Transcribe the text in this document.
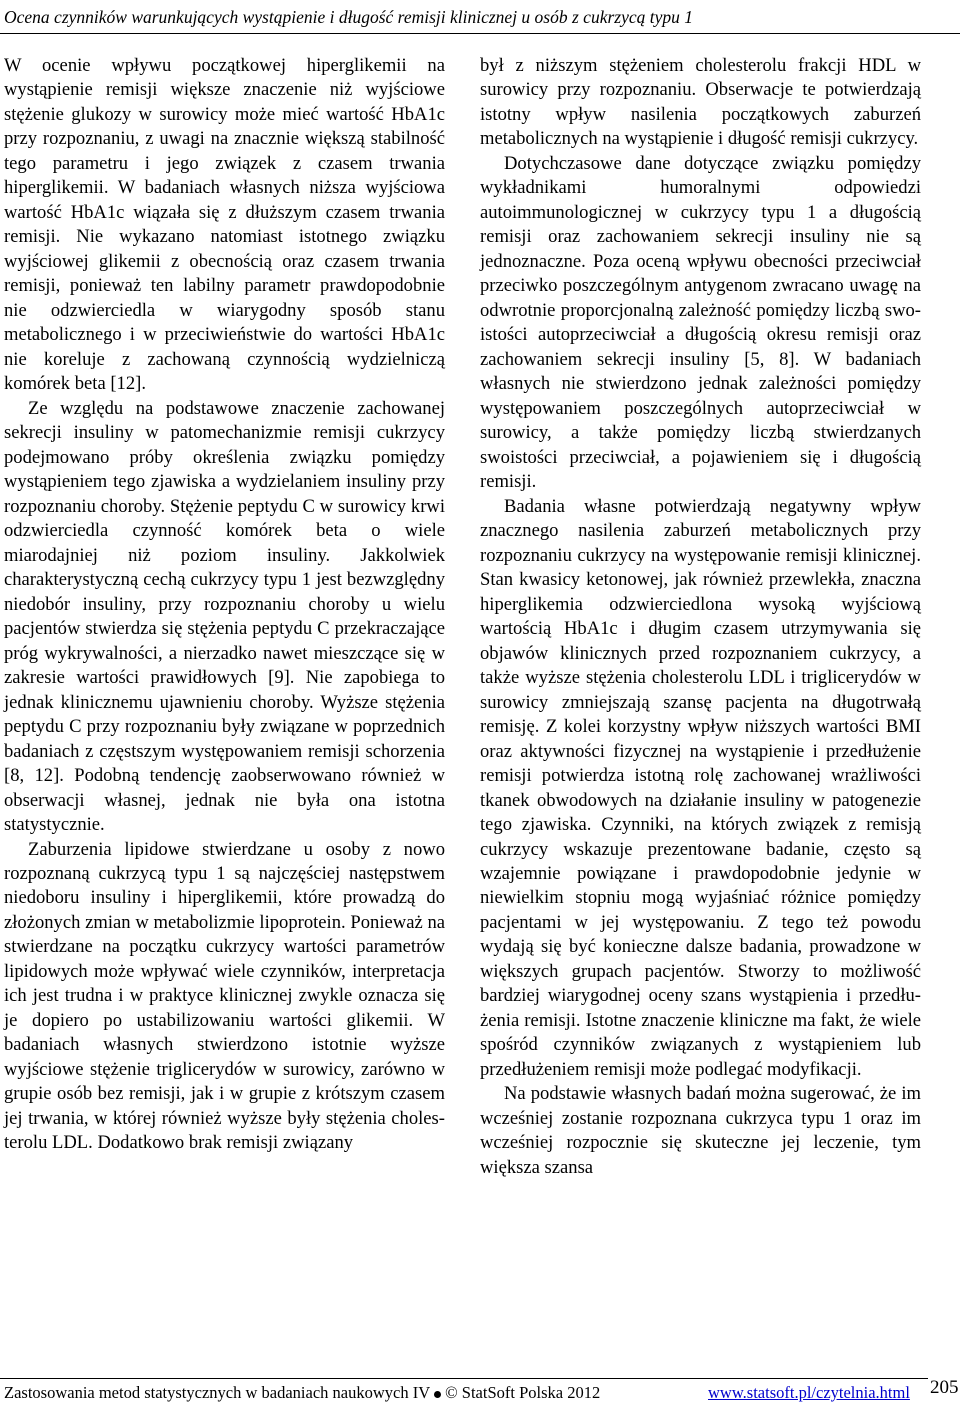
Ocena czynników warunkujących wystąpienie i długość remisji klinicznej u osób z cukrzycą typu 1

W ocenie wpływu początkowej hiperglikemii na wystąpienie remisji większe znaczenie niż wyjściowe stężenie glukozy w surowicy może mieć wartość HbA1c przy rozpoznaniu, z uwagi na znacznie większą stabilność tego parametru i jego związek z czasem trwania hiperglikemii. W badaniach własnych niższa wyjściowa wartość HbA1c wiązała się z dłuższym czasem trwania remisji. Nie wykazano natomiast istotnego związku wyjściowej glikemii z obecnością oraz czasem trwania remisji, ponieważ ten labilny parametr prawdopodobnie nie odzwierciedla w wiarygodny sposób stanu metabolicznego i w przeciwieństwie do wartości HbA1c nie koreluje z zachowaną czynnością wydzielniczą komórek beta [12].

Ze względu na podstawowe znaczenie zachowanej sekrecji insuliny w patomechanizmie remisji cukrzycy podejmowano próby określenia związku pomiędzy wystąpieniem tego zjawiska a wydzielaniem insuliny przy rozpoznaniu choroby. Stężenie peptydu C w surowicy krwi odzwierciedla czynność komórek beta o wiele miarodajniej niż poziom insuliny. Jakkolwiek charakterystyczną cechą cukrzycy typu 1 jest bezwzględny niedobór insuliny, przy rozpoznaniu choroby u wielu pacjentów stwierdza się stężenia peptydu C przekraczające próg wykrywalności, a nierzadko nawet mieszczące się w zakresie wartości prawidłowych [9]. Nie zapobiega to jednak klinicznemu ujawnieniu choroby. Wyższe stężenia peptydu C przy rozpoznaniu były związane w poprzednich badaniach z częstszym występowaniem remisji schorzenia [8, 12]. Podobną tendencję zaobserwowano również w obserwacji własnej, jednak nie była ona istotna statystycznie.

Zaburzenia lipidowe stwierdzane u osoby z nowo rozpoznaną cukrzycą typu 1 są najczęściej następstwem niedoboru insuliny i hiperglikemii, które prowadzą do złożonych zmian w metabolizmie lipoprotein. Ponieważ na stwierdzane na początku cukrzycy wartości parametrów lipidowych może wpływać wiele czynników, interpretacja ich jest trudna i w praktyce klinicznej zwykle oznacza się je dopiero po ustabilizowaniu wartości glikemii. W badaniach własnych stwierdzono istotnie wyższe wyjściowe stężenie triglicerydów w surowicy, zarówno w grupie osób bez remisji, jak i w grupie z krótszym czasem jej trwania, w której również wyższe były stężenia cholesterolu LDL. Dodatkowo brak remisji związany

był z niższym stężeniem cholesterolu frakcji HDL w surowicy przy rozpoznaniu. Obserwacje te potwierdzają istotny wpływ nasilenia początkowych zaburzeń metabolicznych na wystąpienie i długość remisji cukrzycy.

Dotychczasowe dane dotyczące związku pomiędzy wykładnikami humoralnymi odpowiedzi autoimmunologicznej w cukrzycy typu 1 a długością remisji oraz zachowaniem sekrecji insuliny nie są jednoznaczne. Poza oceną wpływu obecności przeciwciał przeciwko poszczególnym antygenom zwracano uwagę na odwrotnie proporcjonalną zależność pomiędzy liczbą swoistości autoprzeciwciał a długością okresu remisji oraz zachowaniem sekrecji insuliny [5, 8]. W badaniach własnych nie stwierdzono jednak zależności pomiędzy występowaniem poszczególnych autoprzeciwciał w surowicy, a także pomiędzy liczbą stwierdzanych swoistości przeciwciał, a pojawieniem się i długością remisji.

Badania własne potwierdzają negatywny wpływ znacznego nasilenia zaburzeń metabolicznych przy rozpoznaniu cukrzycy na występowanie remisji klinicznej. Stan kwasicy ketonowej, jak również przewlekła, znaczna hiperglikemia odzwierciedlona wysoką wyjściową wartością HbA1c i długim czasem utrzymywania się objawów klinicznych przed rozpoznaniem cukrzycy, a także wyższe stężenia cholesterolu LDL i triglicerydów w surowicy zmniejszają szansę pacjenta na długotrwałą remisję. Z kolei korzystny wpływ niższych wartości BMI oraz aktywności fizycznej na wystąpienie i przedłużenie remisji potwierdza istotną rolę zachowanej wrażliwości tkanek obwodowych na działanie insuliny w patogenezie tego zjawiska. Czynniki, na których związek z remisją cukrzycy wskazuje prezentowane badanie, często są wzajemnie powiązane i prawdopodobnie jedynie w niewielkim stopniu mogą wyjaśniać różnice pomiędzy pacjentami w jej występowaniu. Z tego też powodu wydają się być konieczne dalsze badania, prowadzone w większych grupach pacjentów. Stworzy to możliwość bardziej wiarygodnej oceny szans wystąpienia i przedłużenia remisji. Istotne znaczenie kliniczne ma fakt, że wiele spośród czynników związanych z wystąpieniem lub przedłużeniem remisji może podlegać modyfikacji.

Na podstawie własnych badań można sugerować, że im wcześniej zostanie rozpoznana cukrzyca typu 1 oraz im wcześniej rozpocznie się skuteczne jej leczenie, tym większa szansa

Zastosowania metod statystycznych w badaniach naukowych IV © StatSoft Polska 2012	www.statsoft.pl/czytelnia.html 205
